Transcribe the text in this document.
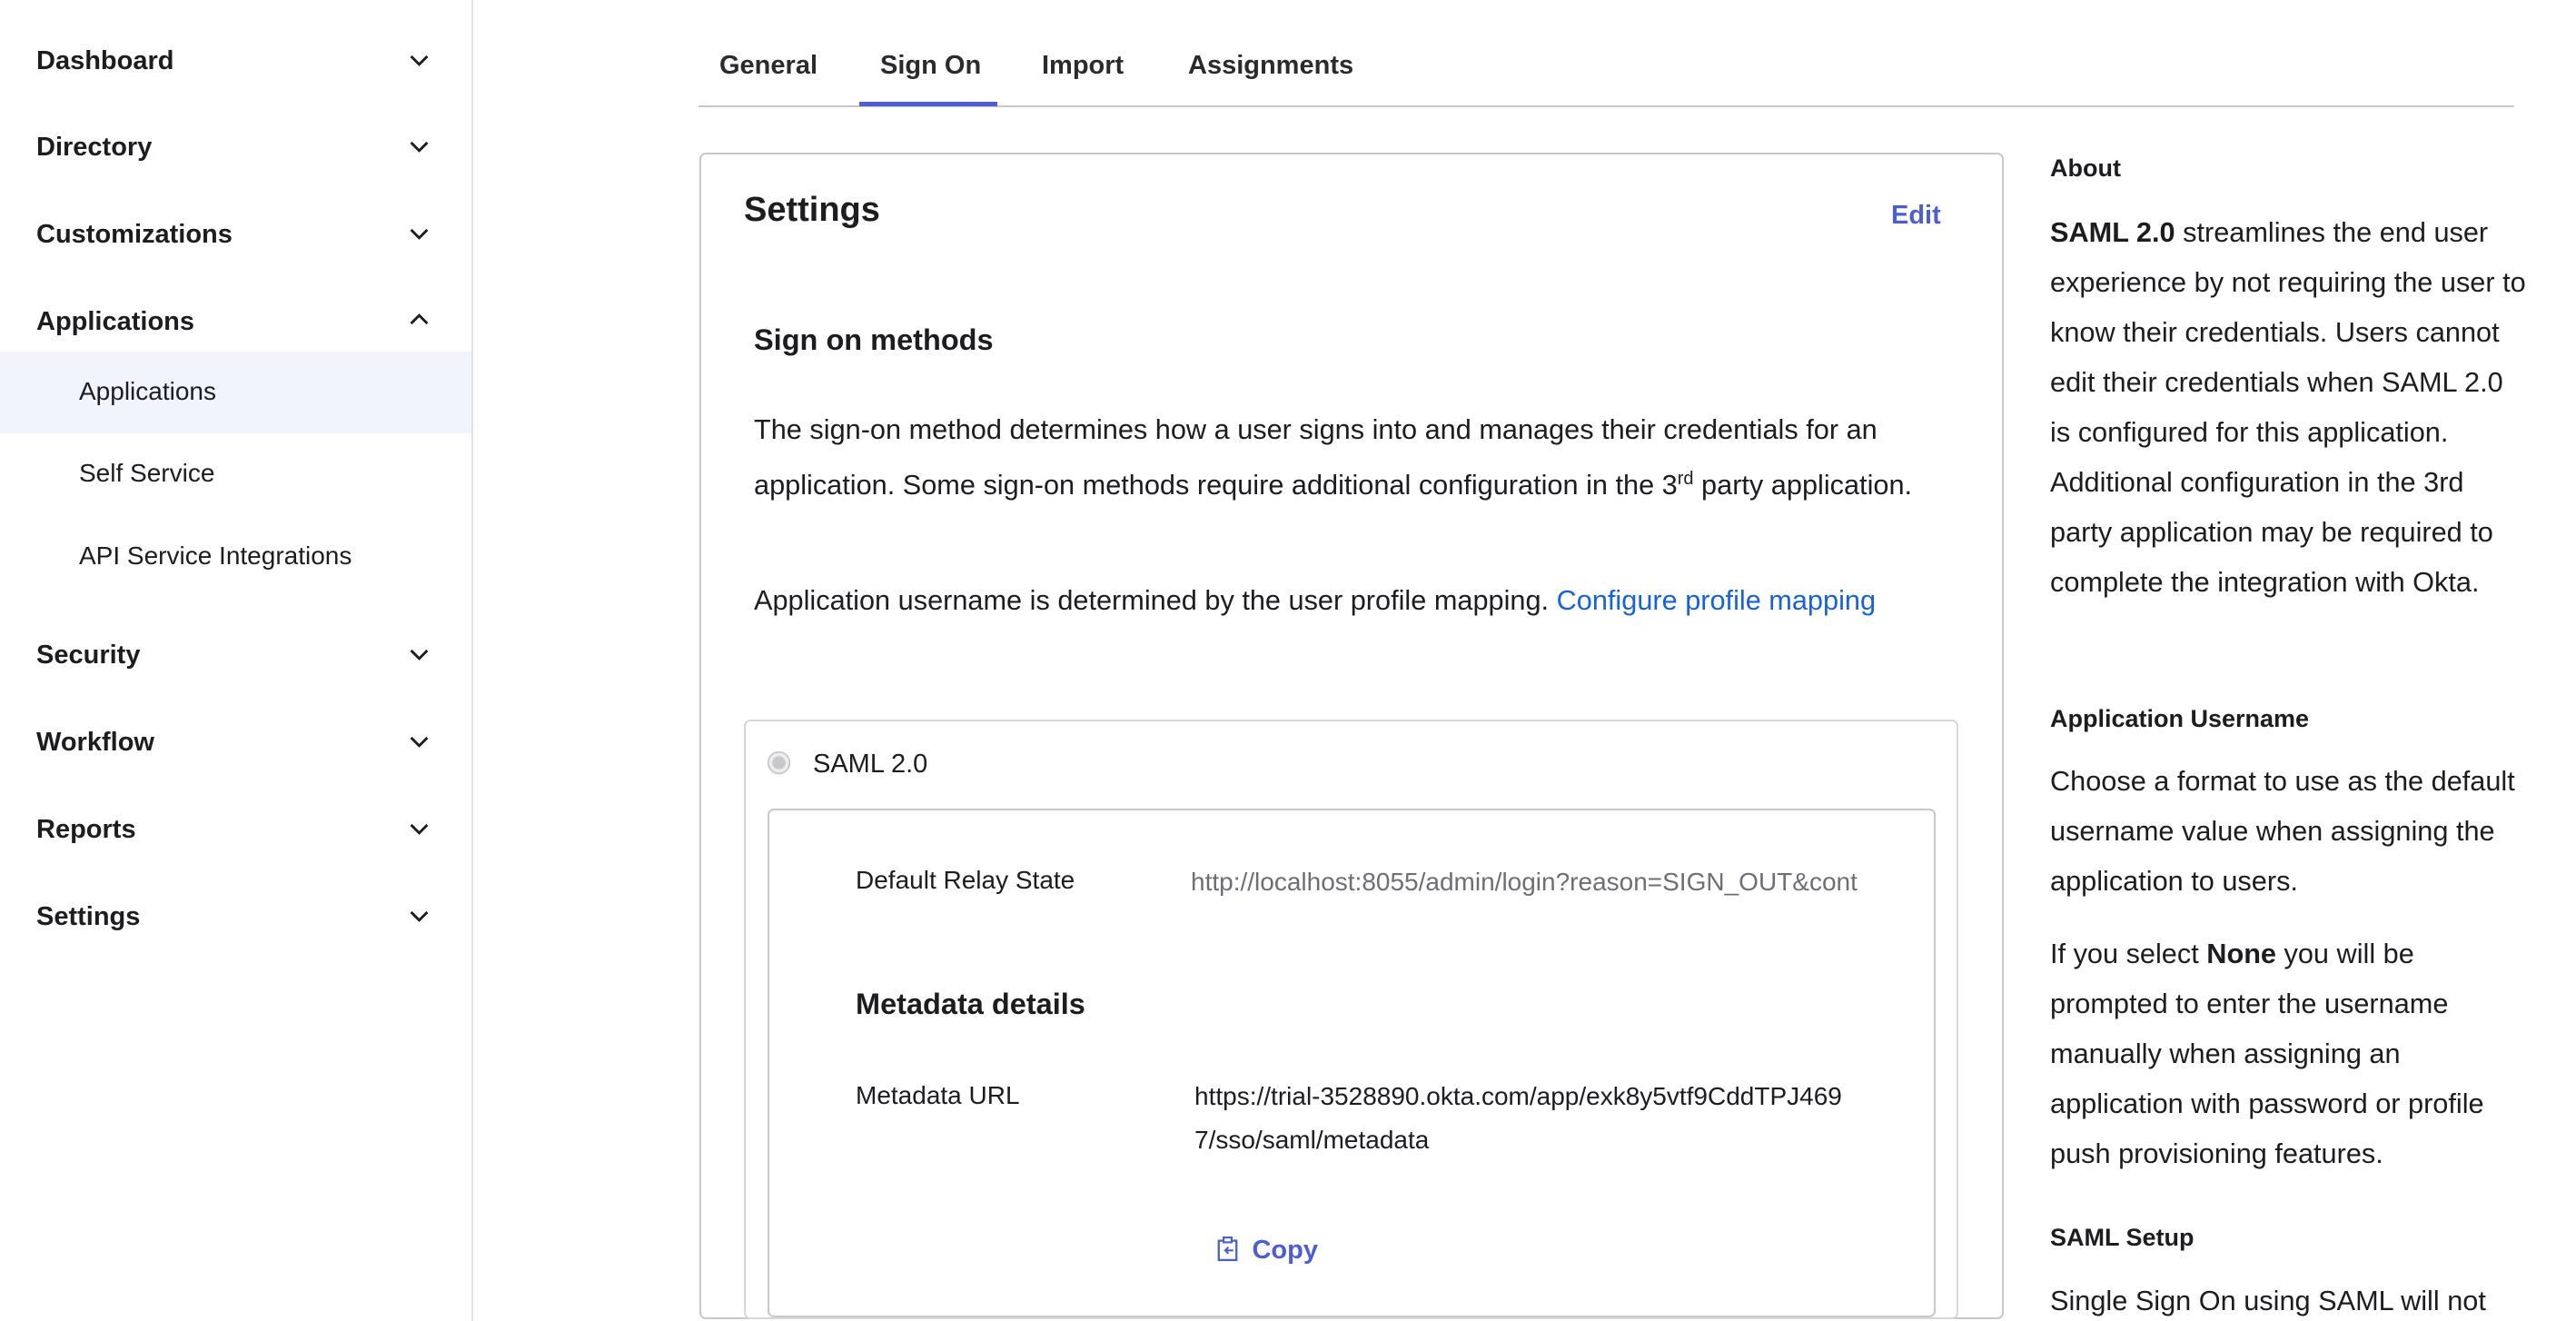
Dashboard
Directory
Customizations
Applications
Applications
Self Service
API Service Integrations
Security
Workflow
Reports
Settings
General Sign On Import Assignments
Settings	Edit
Sign on methods
The sign-on method determines how a user signs into and manages their credentials for an application. Some sign-on methods require additional configuration in the 3rd party application.
Application username is determined by the user profile mapping. Configure profile mapping
SAML 2.0
Default Relay State	http://localhost:8055/admin/login?reason=SIGN_OUT&cont
Metadata details
Metadata URL	https://trial-3528890.okta.com/app/exk8y5vtf9CddTPJ4697/sso/saml/metadata
Copy
About
SAML 2.0 streamlines the end user experience by not requiring the user to know their credentials. Users cannot edit their credentials when SAML 2.0 is configured for this application. Additional configuration in the 3rd party application may be required to complete the integration with Okta.
Application Username
Choose a format to use as the default username value when assigning the application to users.
If you select None you will be prompted to enter the username manually when assigning an application with password or profile push provisioning features.
SAML Setup
Single Sign On using SAML will not
